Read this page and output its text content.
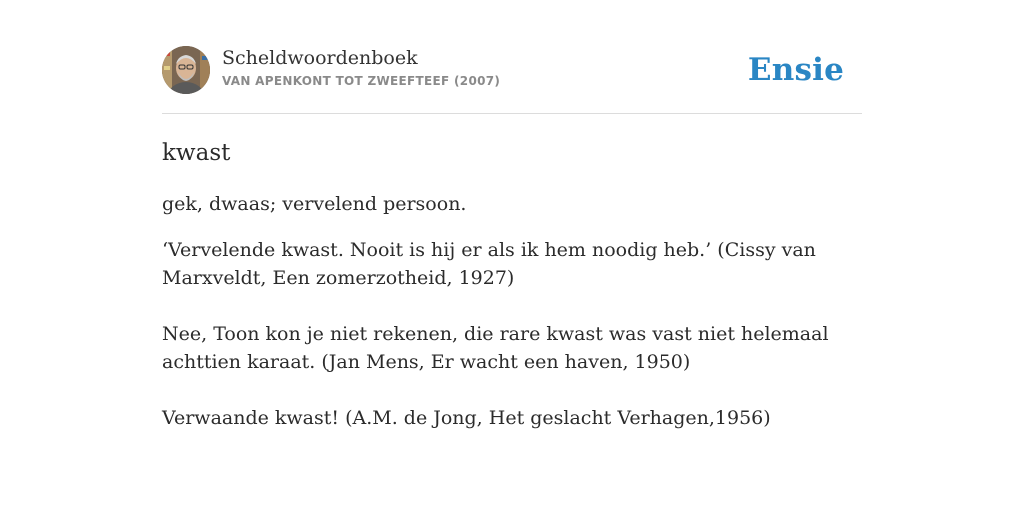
Scheldwoordenboek
VAN APENKONT TOT ZWEEFTEEF (2007)	Ensie
kwast
gek, dwaas; vervelend persoon.

‘Vervelende kwast. Nooit is hij er als ik hem noodig heb.’ (Cissy van Marxveldt, Een zomerzotheid, 1927)

Nee, Toon kon je niet rekenen, die rare kwast was vast niet helemaal achttien karaat. (Jan Mens, Er wacht een haven, 1950)

Verwaande kwast! (A.M. de Jong, Het geslacht Verhagen,1956)
